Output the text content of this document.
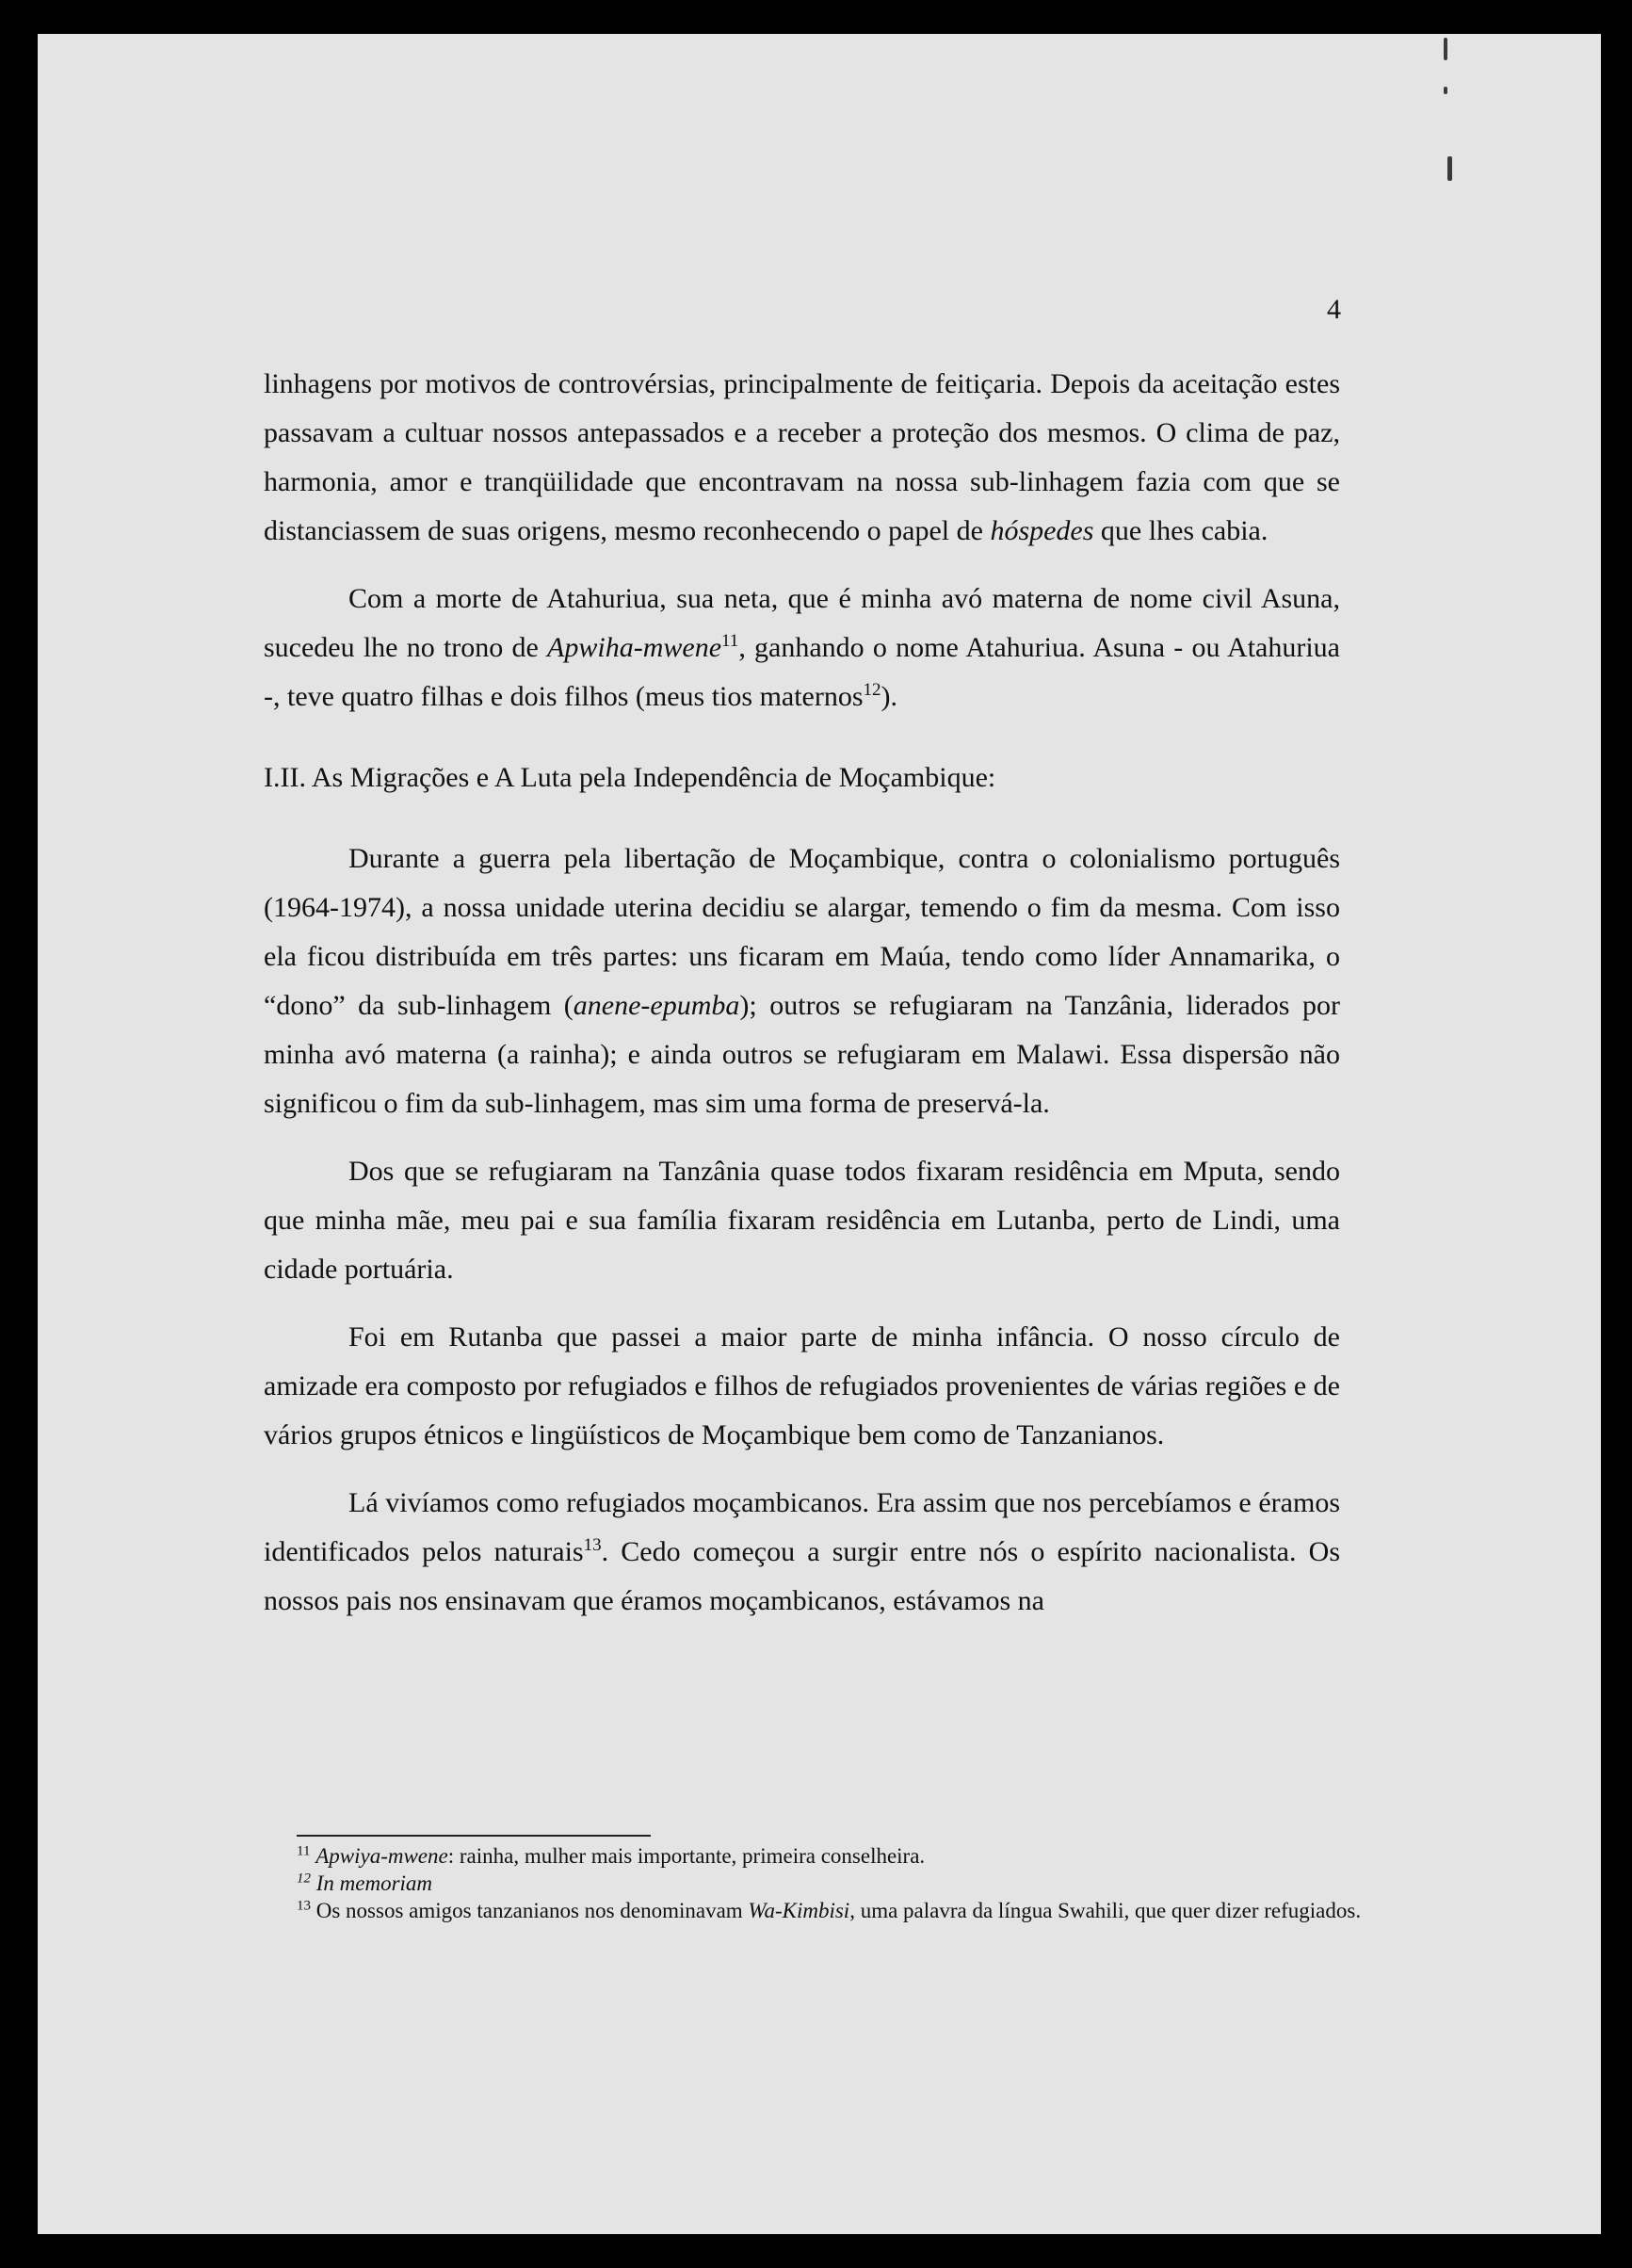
4

linhagens por motivos de controvérsias, principalmente de feitiçaria. Depois da aceitação estes passavam a cultuar nossos antepassados e a receber a proteção dos mesmos. O clima de paz, harmonia, amor e tranqüilidade que encontravam na nossa sub-linhagem fazia com que se distanciassem de suas origens, mesmo reconhecendo o papel de hóspedes que lhes cabia.

Com a morte de Atahuriua, sua neta, que é minha avó materna de nome civil Asuna, sucedeu lhe no trono de Apwiha-mwene$^{11}$, ganhando o nome Atahuriua. Asuna - ou Atahuriua -, teve quatro filhas e dois filhos (meus tios maternos$^{12}$).

I.II. As Migrações e A Luta pela Independência de Moçambique:

Durante a guerra pela libertação de Moçambique, contra o colonialismo português (1964-1974), a nossa unidade uterina decidiu se alargar, temendo o fim da mesma. Com isso ela ficou distribuída em três partes: uns ficaram em Maúa, tendo como líder Annamarika, o “dono” da sub-linhagem (anene-epumba); outros se refugiaram na Tanzânia, liderados por minha avó materna (a rainha); e ainda outros se refugiaram em Malawi. Essa dispersão não significou o fim da sub-linhagem, mas sim uma forma de preservá-la.

Dos que se refugiaram na Tanzânia quase todos fixaram residência em Mputa, sendo que minha mãe, meu pai e sua família fixaram residência em Lutanba, perto de Lindi, uma cidade portuária.

Foi em Rutanba que passei a maior parte de minha infância. O nosso círculo de amizade era composto por refugiados e filhos de refugiados provenientes de várias regiões e de vários grupos étnicos e lingüísticos de Moçambique bem como de Tanzanianos.

Lá vivíamos como refugiados moçambicanos. Era assim que nos percebíamos e éramos identificados pelos naturais$^{13}$. Cedo começou a surgir entre nós o espírito nacionalista. Os nossos pais nos ensinavam que éramos moçambicanos, estávamos na

$^{11}$ Apwiya-mwene: rainha, mulher mais importante, primeira conselheira.

$^{12}$ In memoriam

$^{13}$ Os nossos amigos tanzanianos nos denominavam Wa-Kimbisi, uma palavra da língua Swahili, que quer dizer refugiados.
